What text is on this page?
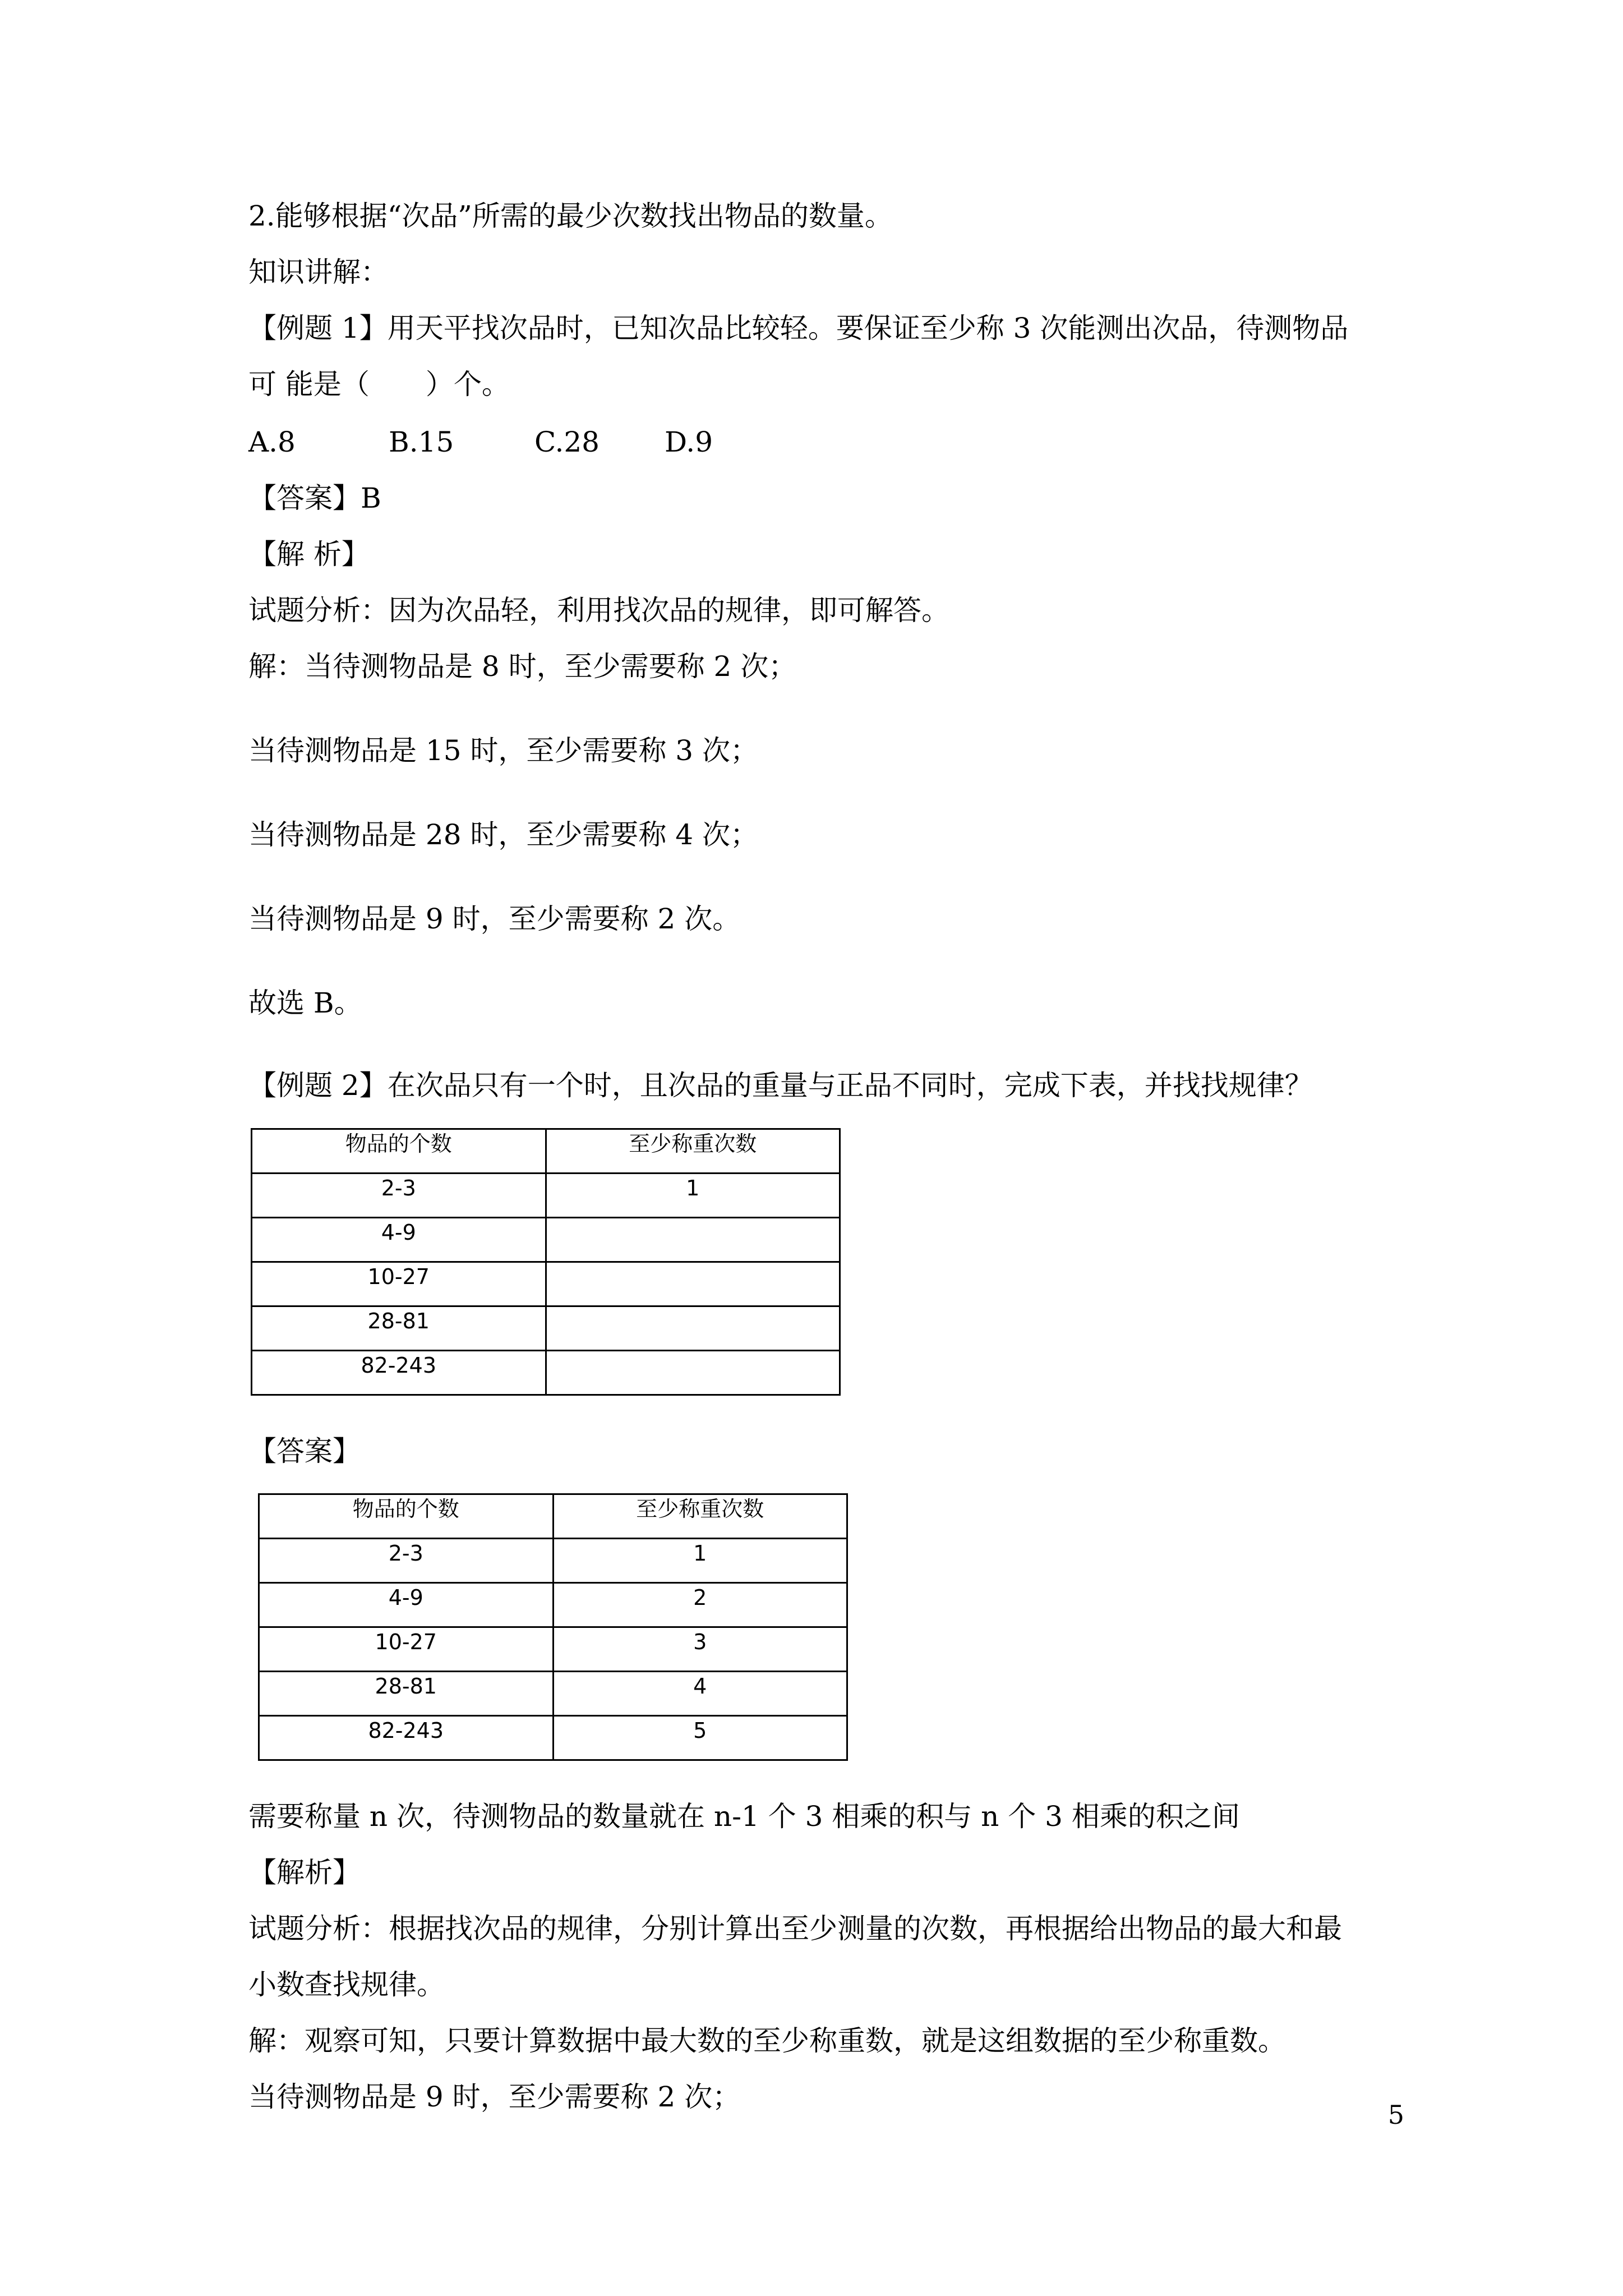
2.能够根据“次品”所需的最少次数找出物品的数量。
知识讲解：
【例题 1】用天平找次品时，已知次品比较轻。要保证至少称 3 次能测出次品，待测物品
可 能是（　　）个。
A.8	B.15	C.28 D.9
【答案】B
【解 析】
试题分析：因为次品轻，利用找次品的规律，即可解答。
解：当待测物品是 8 时，至少需要称 2 次；
当待测物品是 15 时，至少需要称 3 次；
当待测物品是 28 时，至少需要称 4 次；
当待测物品是 9 时，至少需要称 2 次。
故选 B。
【例题 2】在次品只有一个时，且次品的重量与正品不同时，完成下表，并找找规律？
物品的个数	至少称重次数
2-3	1
4-9	
10-27	
28-81	
82-243	
【答案】
物品的个数	至少称重次数
2-3	1
4-9	2
10-27	3
28-81	4
82-243	5
需要称量 n 次，待测物品的数量就在 n-1 个 3 相乘的积与 n 个 3 相乘的积之间
【解析】
试题分析：根据找次品的规律，分别计算出至少测量的次数，再根据给出物品的最大和最
小数查找规律。
解：观察可知，只要计算数据中最大数的至少称重数，就是这组数据的至少称重数。
当待测物品是 9 时，至少需要称 2 次；
5
